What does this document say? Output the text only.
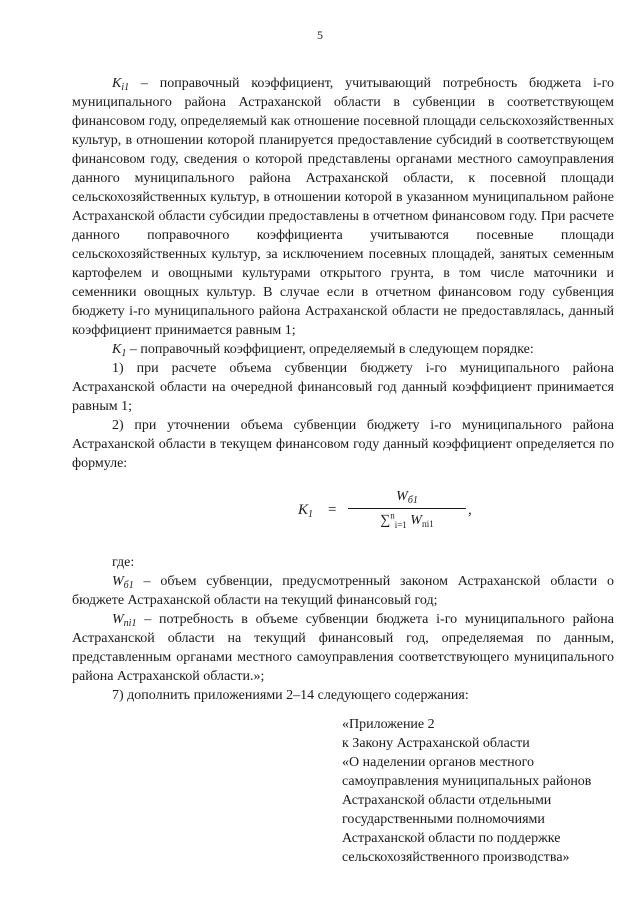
5

$K_{i1}$ – поправочный коэффициент, учитывающий потребность бюджета i-го муниципального района Астраханской области в субвенции в соответствующем финансовом году, определяемый как отношение посевной площади сельскохозяйственных культур, в отношении которой планируется предоставление субсидий в соответствующем финансовом году, сведения о которой представлены органами местного самоуправления данного муниципального района Астраханской области, к посевной площади сельскохозяйственных культур, в отношении которой в указанном муниципальном районе Астраханской области субсидии предоставлены в отчетном финансовом году. При расчете данного поправочного коэффициента учитываются посевные площади сельскохозяйственных культур, за исключением посевных площадей, занятых семенным картофелем и овощными культурами открытого грунта, в том числе маточники и семенники овощных культур. В случае если в отчетном финансовом году субвенция бюджету i-го муниципального района Астраханской области не предоставлялась, данный коэффициент принимается равным 1;

$K_1$ – поправочный коэффициент, определяемый в следующем порядке:

1) при расчете объема субвенции бюджету i-го муниципального района Астраханской области на очередной финансовый год данный коэффициент принимается равным 1;

2) при уточнении объема субвенции бюджету i-го муниципального района Астраханской области в текущем финансовом году данный коэффициент определяется по формуле:

$K_1$ =
$W_{б1}$
∑$^n_{i=1}$ $W_{пi1}$
,

где:

$W_{б1}$ – объем субвенции, предусмотренный законом Астраханской области о бюджете Астраханской области на текущий финансовый год;

$W_{пi1}$ – потребность в объеме субвенции бюджета i-го муниципального района Астраханской области на текущий финансовый год, определяемая по данным, представленным органами местного самоуправления соответствующего муниципального района Астраханской области.»;

7) дополнить приложениями 2–14 следующего содержания:

«Приложение 2
к Закону Астраханской области
«О наделении органов местного
самоуправления муниципальных районов
Астраханской области отдельными
государственными полномочиями
Астраханской области по поддержке
сельскохозяйственного производства»
